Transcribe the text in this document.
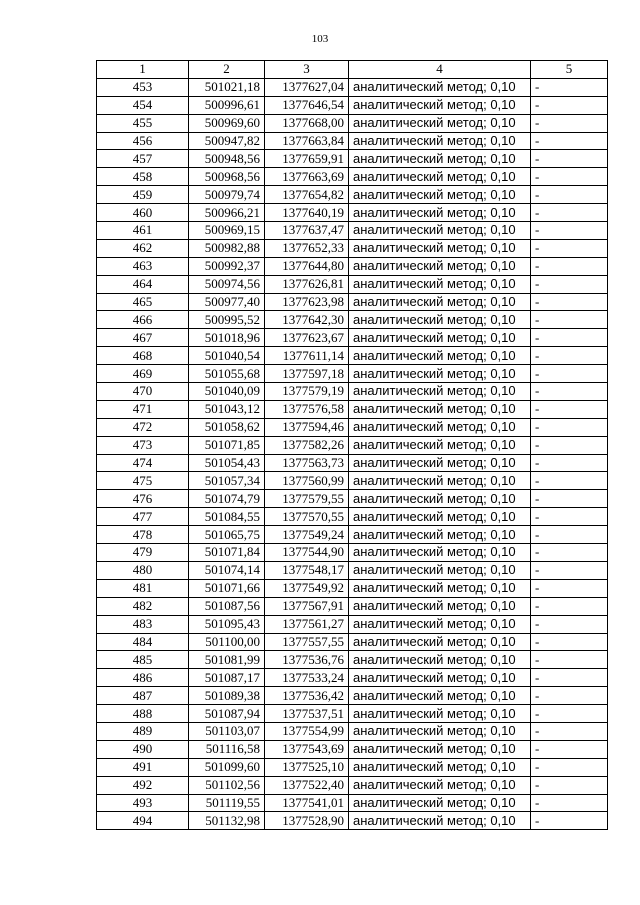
103
1	2	3	4	5
453	501021,18	1377627,04	аналитический метод; 0,10	-
454	500996,61	1377646,54	аналитический метод; 0,10	-
455	500969,60	1377668,00	аналитический метод; 0,10	-
456	500947,82	1377663,84	аналитический метод; 0,10	-
457	500948,56	1377659,91	аналитический метод; 0,10	-
458	500968,56	1377663,69	аналитический метод; 0,10	-
459	500979,74	1377654,82	аналитический метод; 0,10	-
460	500966,21	1377640,19	аналитический метод; 0,10	-
461	500969,15	1377637,47	аналитический метод; 0,10	-
462	500982,88	1377652,33	аналитический метод; 0,10	-
463	500992,37	1377644,80	аналитический метод; 0,10	-
464	500974,56	1377626,81	аналитический метод; 0,10	-
465	500977,40	1377623,98	аналитический метод; 0,10	-
466	500995,52	1377642,30	аналитический метод; 0,10	-
467	501018,96	1377623,67	аналитический метод; 0,10	-
468	501040,54	1377611,14	аналитический метод; 0,10	-
469	501055,68	1377597,18	аналитический метод; 0,10	-
470	501040,09	1377579,19	аналитический метод; 0,10	-
471	501043,12	1377576,58	аналитический метод; 0,10	-
472	501058,62	1377594,46	аналитический метод; 0,10	-
473	501071,85	1377582,26	аналитический метод; 0,10	-
474	501054,43	1377563,73	аналитический метод; 0,10	-
475	501057,34	1377560,99	аналитический метод; 0,10	-
476	501074,79	1377579,55	аналитический метод; 0,10	-
477	501084,55	1377570,55	аналитический метод; 0,10	-
478	501065,75	1377549,24	аналитический метод; 0,10	-
479	501071,84	1377544,90	аналитический метод; 0,10	-
480	501074,14	1377548,17	аналитический метод; 0,10	-
481	501071,66	1377549,92	аналитический метод; 0,10	-
482	501087,56	1377567,91	аналитический метод; 0,10	-
483	501095,43	1377561,27	аналитический метод; 0,10	-
484	501100,00	1377557,55	аналитический метод; 0,10	-
485	501081,99	1377536,76	аналитический метод; 0,10	-
486	501087,17	1377533,24	аналитический метод; 0,10	-
487	501089,38	1377536,42	аналитический метод; 0,10	-
488	501087,94	1377537,51	аналитический метод; 0,10	-
489	501103,07	1377554,99	аналитический метод; 0,10	-
490	501116,58	1377543,69	аналитический метод; 0,10	-
491	501099,60	1377525,10	аналитический метод; 0,10	-
492	501102,56	1377522,40	аналитический метод; 0,10	-
493	501119,55	1377541,01	аналитический метод; 0,10	-
494	501132,98	1377528,90	аналитический метод; 0,10	-
